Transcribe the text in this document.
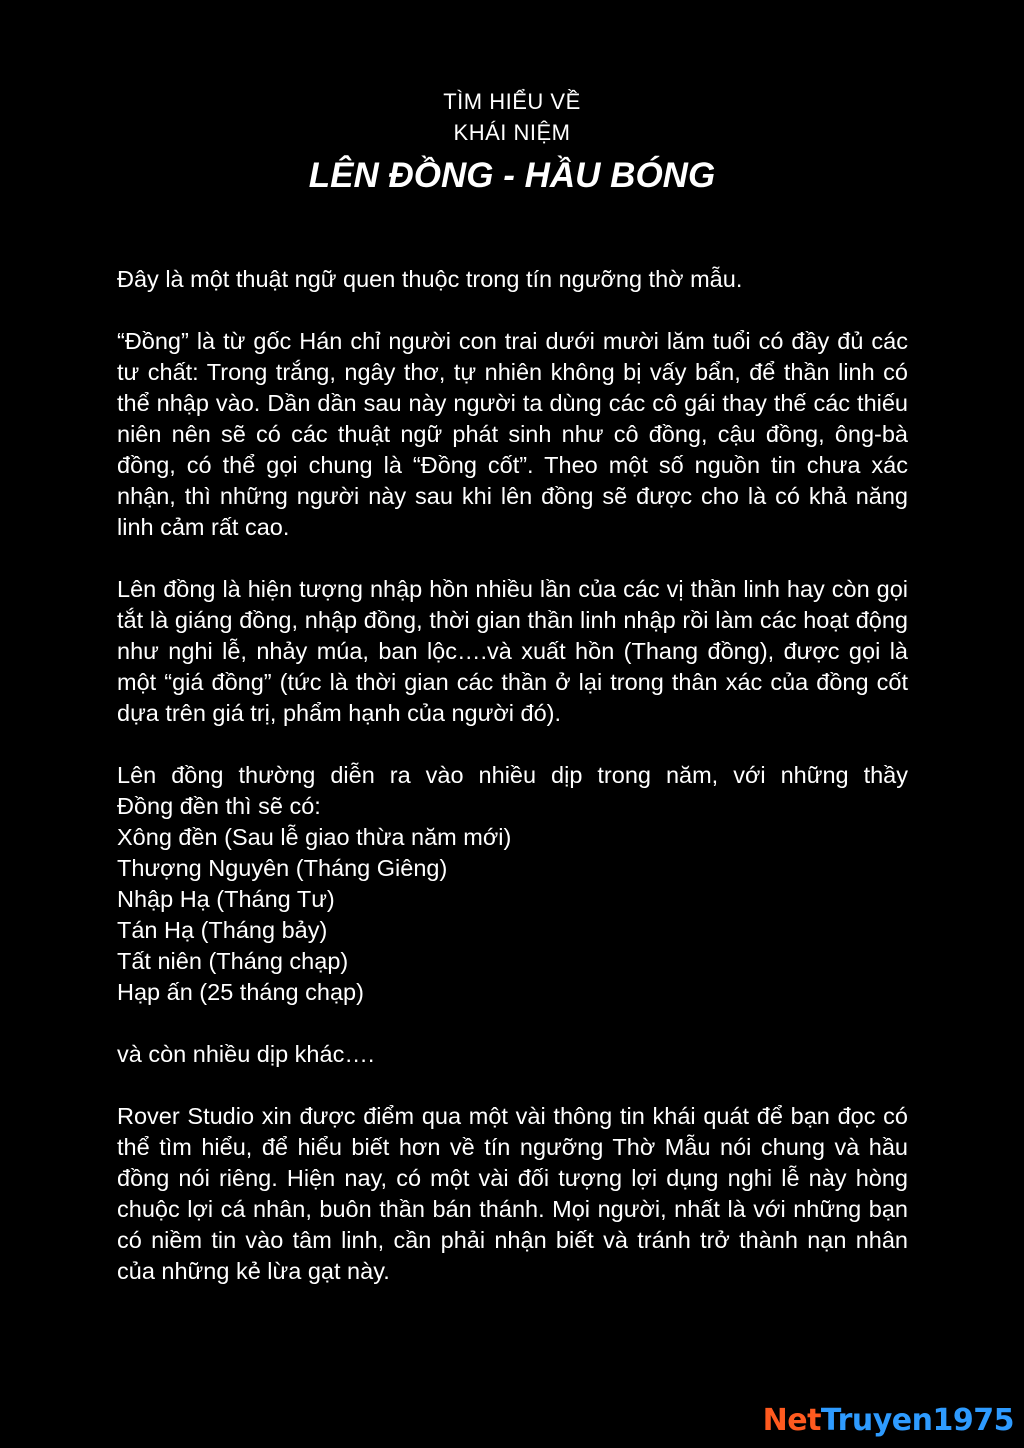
TÌM HIỂU VỀ
KHÁI NIỆM
LÊN ĐỒNG - HẦU BÓNG

Đây là một thuật ngữ quen thuộc trong tín ngưỡng thờ mẫu.

“Đồng” là từ gốc Hán chỉ người con trai dưới mười lăm tuổi có đầy đủ các tư chất: Trong trắng, ngây thơ, tự nhiên không bị vấy bẩn, để thần linh có thể nhập vào. Dần dần sau này người ta dùng các cô gái thay thế các thiếu niên nên sẽ có các thuật ngữ phát sinh như cô đồng, cậu đồng, ông-bà đồng, có thể gọi chung là “Đồng cốt”. Theo một số nguồn tin chưa xác nhận, thì những người này sau khi lên đồng sẽ được cho là có khả năng linh cảm rất cao.

Lên đồng là hiện tượng nhập hồn nhiều lần của các vị thần linh hay còn gọi tắt là giáng đồng, nhập đồng, thời gian thần linh nhập rồi làm các hoạt động như nghi lễ, nhảy múa, ban lộc….và xuất hồn (Thang đồng), được gọi là một “giá đồng” (tức là thời gian các thần ở lại trong thân xác của đồng cốt dựa trên giá trị, phẩm hạnh của người đó).

Lên đồng thường diễn ra vào nhiều dịp trong năm, với những thầy
Đồng đền thì sẽ có:
Xông đền (Sau lễ giao thừa năm mới)
Thượng Nguyên (Tháng Giêng)
Nhập Hạ (Tháng Tư)
Tán Hạ (Tháng bảy)
Tất niên (Tháng chạp)
Hạp ấn (25 tháng chạp)

và còn nhiều dịp khác….

Rover Studio xin được điểm qua một vài thông tin khái quát để bạn đọc có thể tìm hiểu, để hiểu biết hơn về tín ngưỡng Thờ Mẫu nói chung và hầu đồng nói riêng. Hiện nay, có một vài đối tượng lợi dụng nghi lễ này hòng chuộc lợi cá nhân, buôn thần bán thánh. Mọi người, nhất là với những bạn có niềm tin vào tâm linh, cần phải nhận biết và tránh trở thành nạn nhân của những kẻ lừa gạt này.

NetTruyen1975
